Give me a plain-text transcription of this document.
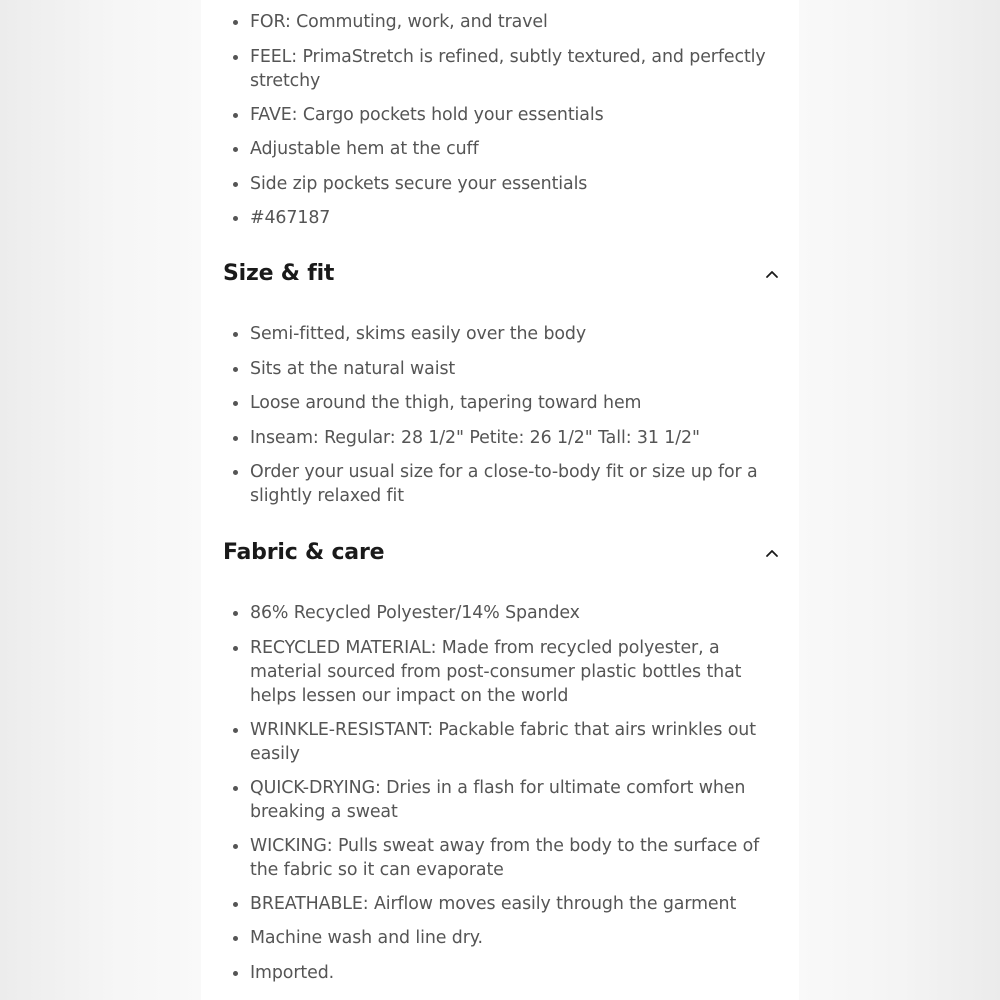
FOR: Commuting, work, and travel
FEEL: PrimaStretch is refined, subtly textured, and perfectly stretchy
FAVE: Cargo pockets hold your essentials
Adjustable hem at the cuff
Side zip pockets secure your essentials
#467187
Size & fit
Semi-fitted, skims easily over the body
Sits at the natural waist
Loose around the thigh, tapering toward hem
Inseam: Regular: 28 1/2" Petite: 26 1/2" Tall: 31 1/2"
Order your usual size for a close-to-body fit or size up for a slightly relaxed fit
Fabric & care
86% Recycled Polyester/14% Spandex
RECYCLED MATERIAL: Made from recycled polyester, a material sourced from post-consumer plastic bottles that helps lessen our impact on the world
WRINKLE-RESISTANT: Packable fabric that airs wrinkles out easily
QUICK-DRYING: Dries in a flash for ultimate comfort when breaking a sweat
WICKING: Pulls sweat away from the body to the surface of the fabric so it can evaporate
BREATHABLE: Airflow moves easily through the garment
Machine wash and line dry.
Imported.
